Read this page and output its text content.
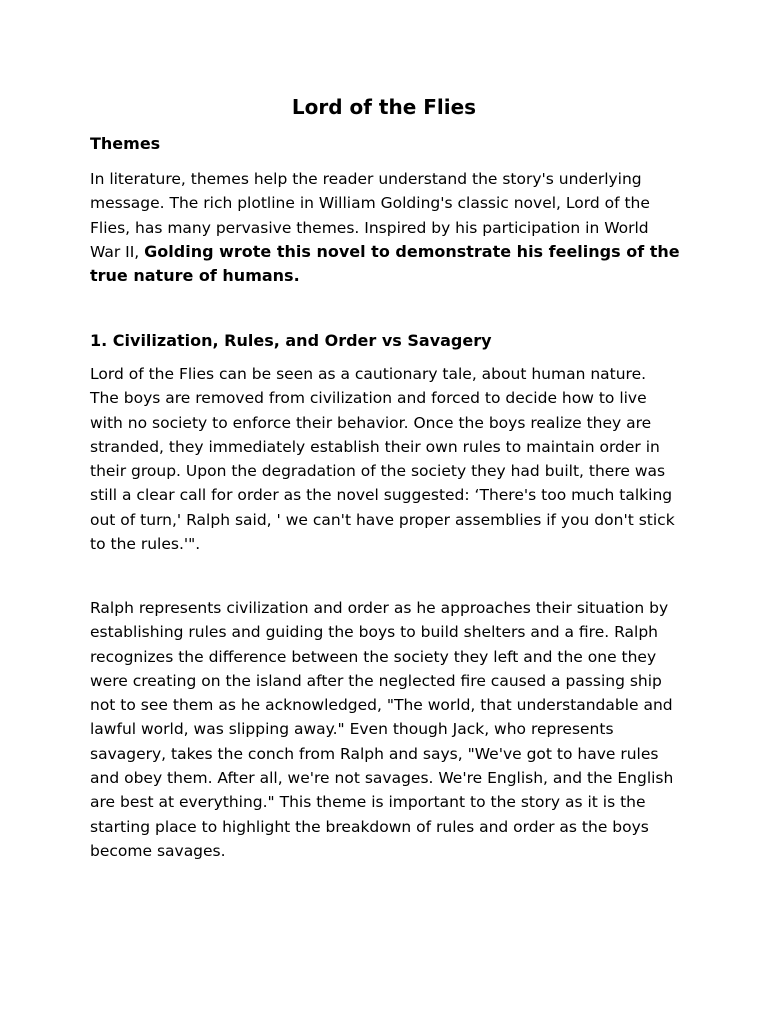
Lord of the Flies
Themes

In literature, themes help the reader understand the story's underlying
message. The rich plotline in William Golding's classic novel, Lord of the
Flies, has many pervasive themes. Inspired by his participation in World
War II, Golding wrote this novel to demonstrate his feelings of the
true nature of humans.

1. Civilization, Rules, and Order vs Savagery

Lord of the Flies can be seen as a cautionary tale, about human nature.
The boys are removed from civilization and forced to decide how to live
with no society to enforce their behavior. Once the boys realize they are
stranded, they immediately establish their own rules to maintain order in
their group. Upon the degradation of the society they had built, there was
still a clear call for order as the novel suggested: ‘There's too much talking
out of turn,' Ralph said, ' we can't have proper assemblies if you don't stick
to the rules.'".

Ralph represents civilization and order as he approaches their situation by
establishing rules and guiding the boys to build shelters and a fire. Ralph
recognizes the difference between the society they left and the one they
were creating on the island after the neglected fire caused a passing ship
not to see them as he acknowledged, "The world, that understandable and
lawful world, was slipping away." Even though Jack, who represents
savagery, takes the conch from Ralph and says, "We've got to have rules
and obey them. After all, we're not savages. We're English, and the English
are best at everything." This theme is important to the story as it is the
starting place to highlight the breakdown of rules and order as the boys
become savages.
